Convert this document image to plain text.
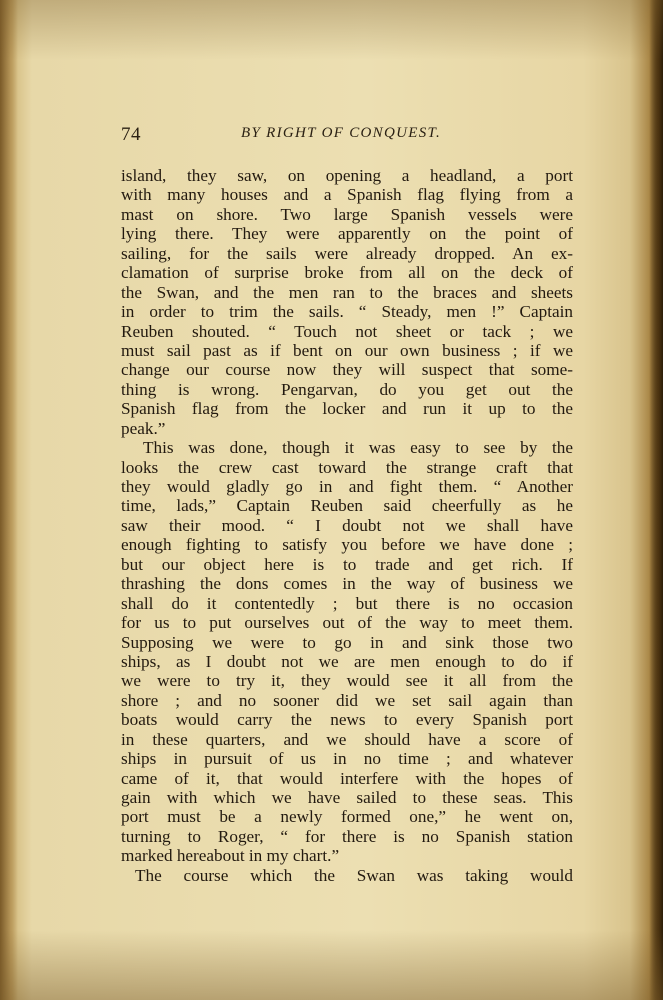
74	BY RIGHT OF CONQUEST.
island, they saw, on opening a headland, a port
with many houses and a Spanish flag flying from a
mast on shore. Two large Spanish vessels were
lying there. They were apparently on the point of
sailing, for the sails were already dropped. An ex-
clamation of surprise broke from all on the deck of
the Swan, and the men ran to the braces and sheets
in order to trim the sails. “ Steady, men !” Captain
Reuben shouted. “ Touch not sheet or tack ; we
must sail past as if bent on our own business ; if we
change our course now they will suspect that some-
thing is wrong. Pengarvan, do you get out the
Spanish flag from the locker and run it up to the
peak.”
This was done, though it was easy to see by the
looks the crew cast toward the strange craft that
they would gladly go in and fight them. “ Another
time, lads,” Captain Reuben said cheerfully as he
saw their mood. “ I doubt not we shall have
enough fighting to satisfy you before we have done ;
but our object here is to trade and get rich. If
thrashing the dons comes in the way of business we
shall do it contentedly ; but there is no occasion
for us to put ourselves out of the way to meet them.
Supposing we were to go in and sink those two
ships, as I doubt not we are men enough to do if
we were to try it, they would see it all from the
shore ; and no sooner did we set sail again than
boats would carry the news to every Spanish port
in these quarters, and we should have a score of
ships in pursuit of us in no time ; and whatever
came of it, that would interfere with the hopes of
gain with which we have sailed to these seas. This
port must be a newly formed one,” he went on,
turning to Roger, “ for there is no Spanish station
marked hereabout in my chart.”
The course which the Swan was taking would
